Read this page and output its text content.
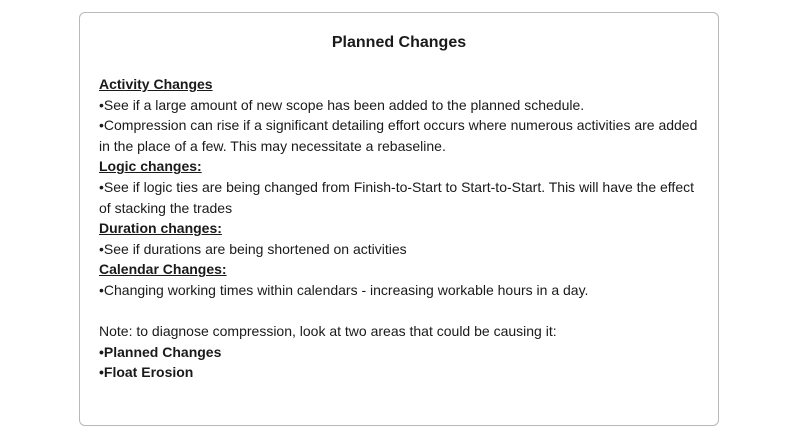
Planned Changes
Activity Changes
•See if a large amount of new scope has been added to the planned schedule.
•Compression can rise if a significant detailing effort occurs where numerous activities are added
in the place of a few. This may necessitate a rebaseline.
Logic changes:
•See if logic ties are being changed from Finish-to-Start to Start-to-Start. This will have the effect
of stacking the trades
Duration changes:
•See if durations are being shortened on activities
Calendar Changes:
•Changing working times within calendars - increasing workable hours in a day.
Note: to diagnose compression, look at two areas that could be causing it:
•Planned Changes
•Float Erosion
